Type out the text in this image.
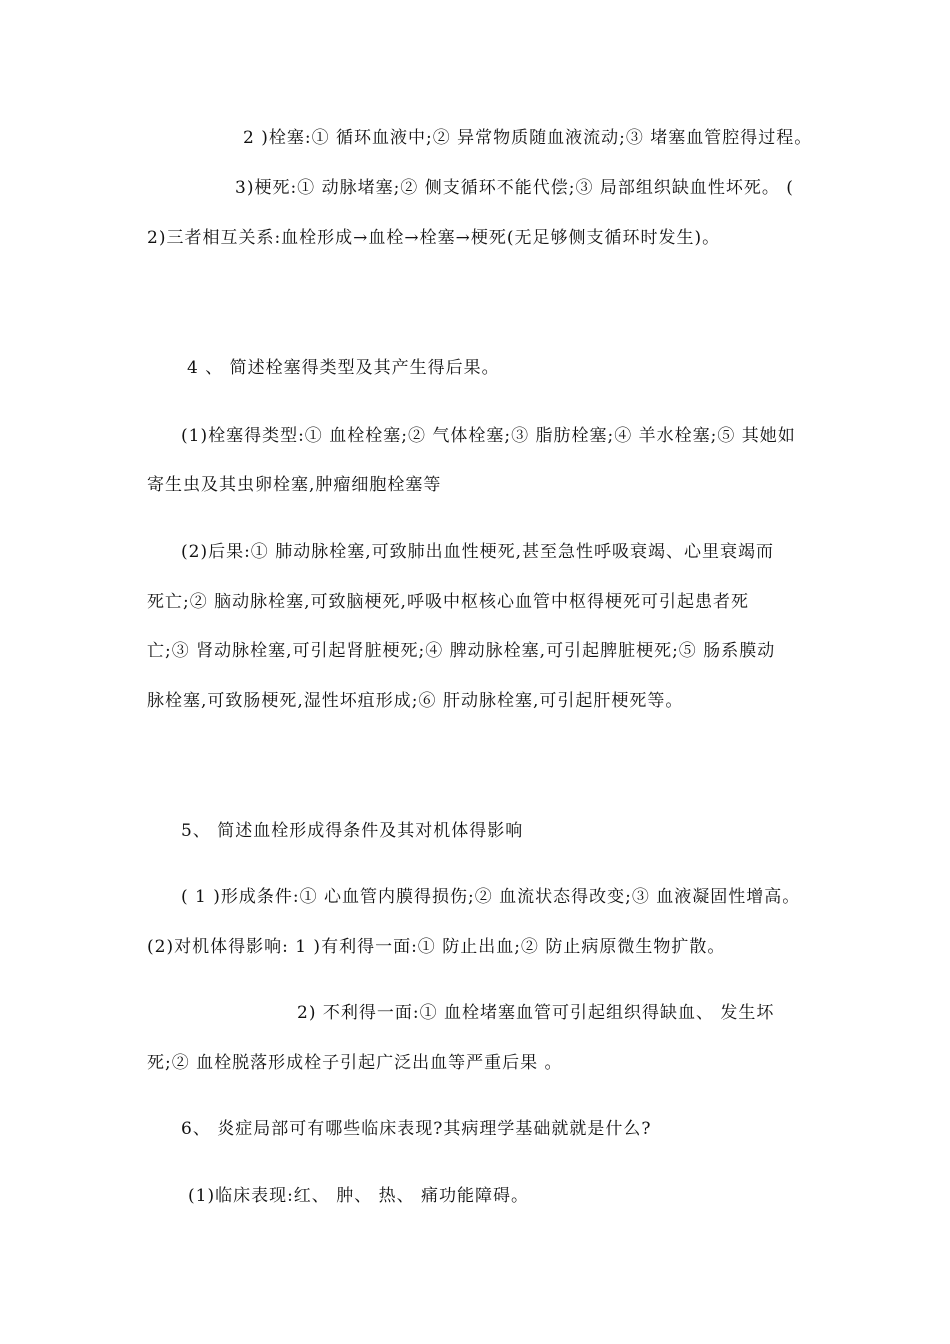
2 )栓塞:① 循环血液中;② 异常物质随血液流动;③ 堵塞血管腔得过程。
3)梗死:① 动脉堵塞;② 侧支循环不能代偿;③ 局部组织缺血性坏死。 (
2)三者相互关系:血栓形成→血栓→栓塞→梗死(无足够侧支循环时发生)。
4 、 简述栓塞得类型及其产生得后果。
(1)栓塞得类型:① 血栓栓塞;② 气体栓塞;③ 脂肪栓塞;④ 羊水栓塞;⑤ 其她如
寄生虫及其虫卵栓塞,肿瘤细胞栓塞等
(2)后果:① 肺动脉栓塞,可致肺出血性梗死,甚至急性呼吸衰竭、心里衰竭而
死亡;② 脑动脉栓塞,可致脑梗死,呼吸中枢核心血管中枢得梗死可引起患者死
亡;③ 肾动脉栓塞,可引起肾脏梗死;④ 脾动脉栓塞,可引起脾脏梗死;⑤ 肠系膜动
脉栓塞,可致肠梗死,湿性坏疽形成;⑥ 肝动脉栓塞,可引起肝梗死等。
5、 简述血栓形成得条件及其对机体得影响
( 1 )形成条件:① 心血管内膜得损伤;② 血流状态得改变;③ 血液凝固性增高。
(2)对机体得影响: 1 )有利得一面:① 防止出血;② 防止病原微生物扩散。
2) 不利得一面:① 血栓堵塞血管可引起组织得缺血、 发生坏
死;② 血栓脱落形成栓子引起广泛出血等严重后果 。
6、 炎症局部可有哪些临床表现?其病理学基础就就是什么?
(1)临床表现:红、 肿、 热、 痛功能障碍。
